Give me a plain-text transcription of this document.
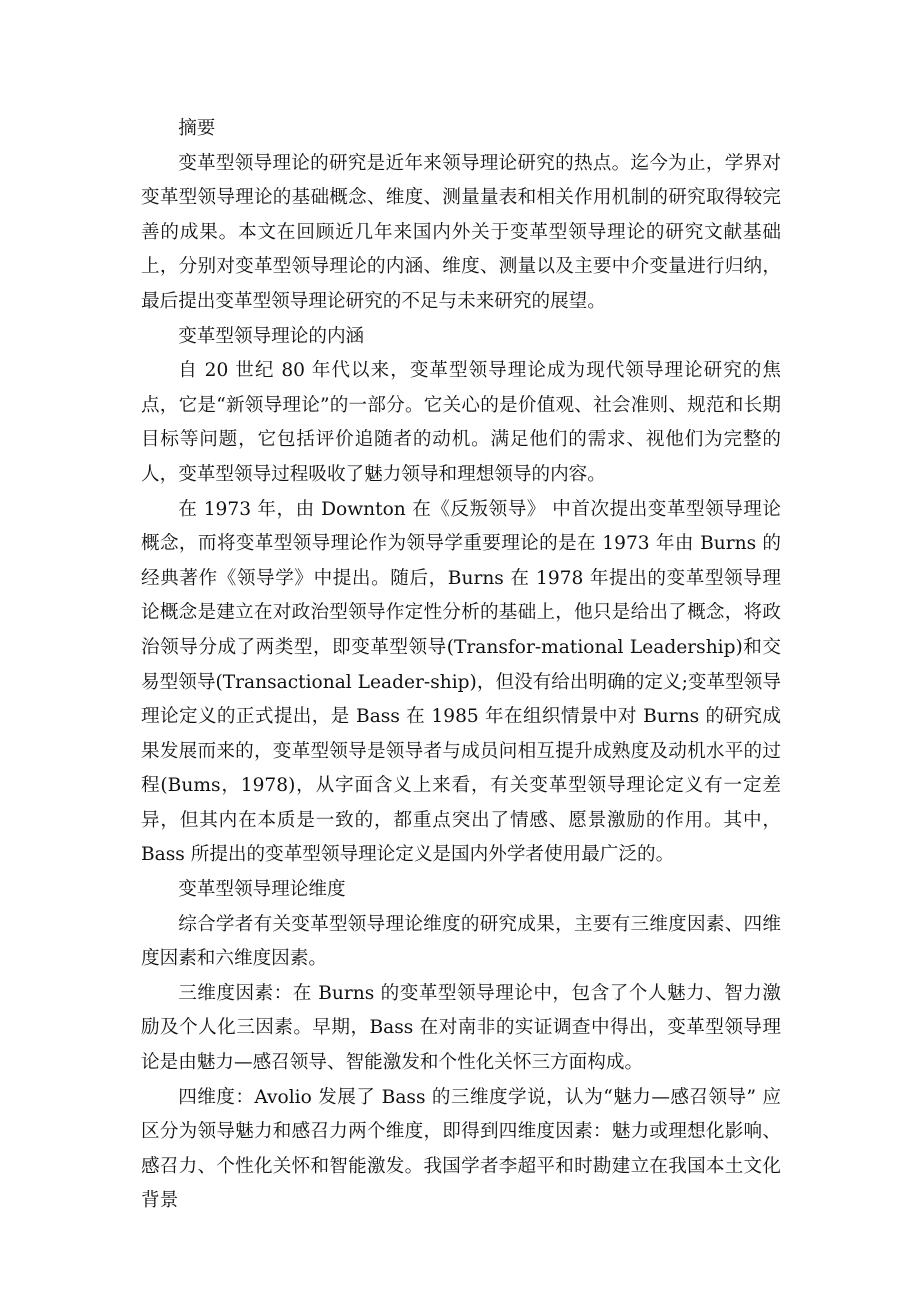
摘要

变革型领导理论的研究是近年来领导理论研究的热点。迄今为止，学界对变革型领导理论的基础概念、维度、测量量表和相关作用机制的研究取得较完善的成果。本文在回顾近几年来国内外关于变革型领导理论的研究文献基础上，分别对变革型领导理论的内涵、维度、测量以及主要中介变量进行归纳，最后提出变革型领导理论研究的不足与未来研究的展望。

变革型领导理论的内涵

自 20 世纪 80 年代以来，变革型领导理论成为现代领导理论研究的焦点，它是“新领导理论”的一部分。它关心的是价值观、社会准则、规范和长期目标等问题，它包括评价追随者的动机。满足他们的需求、视他们为完整的人，变革型领导过程吸收了魅力领导和理想领导的内容。

在 1973 年，由 Downton 在《反叛领导》 中首次提出变革型领导理论概念，而将变革型领导理论作为领导学重要理论的是在 1973 年由 Burns 的经典著作《领导学》中提出。随后，Burns 在 1978 年提出的变革型领导理论概念是建立在对政治型领导作定性分析的基础上，他只是给出了概念，将政治领导分成了两类型，即变革型领导(Transfor-mational Leadership)和交易型领导(Transactional Leader-ship)，但没有给出明确的定义;变革型领导理论定义的正式提出，是 Bass 在 1985 年在组织情景中对 Burns 的研究成果发展而来的，变革型领导是领导者与成员问相互提升成熟度及动机水平的过程(Bums，1978)，从字面含义上来看，有关变革型领导理论定义有一定差异，但其内在本质是一致的，都重点突出了情感、愿景激励的作用。其中，Bass 所提出的变革型领导理论定义是国内外学者使用最广泛的。

变革型领导理论维度

综合学者有关变革型领导理论维度的研究成果，主要有三维度因素、四维度因素和六维度因素。

三维度因素：在 Burns 的变革型领导理论中，包含了个人魅力、智力激励及个人化三因素。早期，Bass 在对南非的实证调查中得出，变革型领导理论是由魅力—感召领导、智能激发和个性化关怀三方面构成。

四维度：Avolio 发展了 Bass 的三维度学说，认为“魅力—感召领导” 应区分为领导魅力和感召力两个维度，即得到四维度因素：魅力或理想化影响、感召力、个性化关怀和智能激发。我国学者李超平和时勘建立在我国本土文化背景
